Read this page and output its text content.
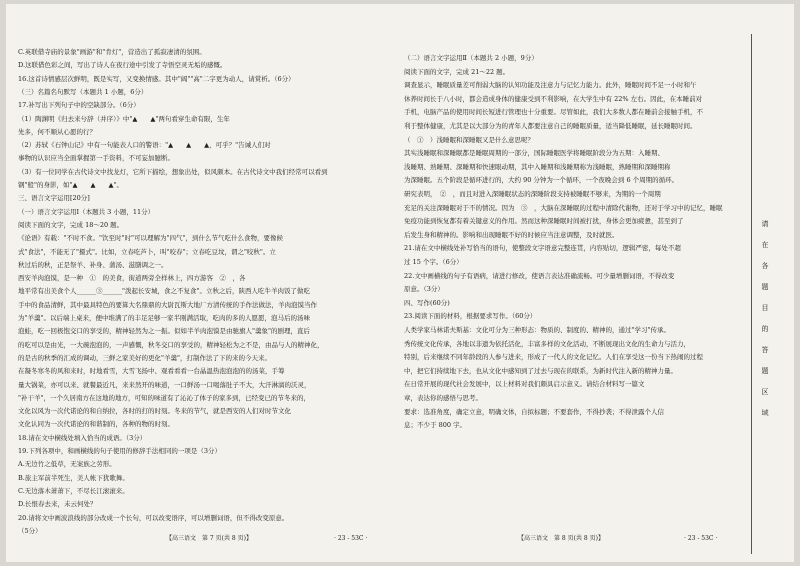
C.英联借寺庙的景象"画游"和"肯灯"，营造出了孤寂凄清的氛围。
D.这联借色彩之间，写出了诗人在夜行途中引发了寺悟空灵无垢的感慨。
16.这首诗情感层次鲜明，既是实写，又变换情感。其中"阔""高"二字更为动人，请赏析。（6分）
（三）名篇名句默写（本题共 1 小题，6分）
17.补写出下列句子中的空缺部分。（6分）
（1）陶渊明《归去来兮辞（并序）》中"▲　　▲"两句看穿生命有限，生年
先多，何不顺从心愿的行？
（2）苏轼《石钟山记》中有一句能表人口的警语："▲　　▲　　▲，可乎？"告诫人们对
事物的认识应当全面掌握第一手资料，不可妄加臆断。
（3）有一位同学在古代诗文中找龙灯，它所下描绘，想象出处，似风颇本。在古代诗文中我们经常可以看到
钢"般"的身影，如"▲　　▲　　▲"。
三、语言文字运用[20分]
（一）语言文字运用Ⅰ（本题共 3 小题，11分）
阅读下面的文字，完成 18～20 题。
《论语》有载："不时不食。"饮至时"时"可以理解为"四气"，到什么节气吃什么食物，要像候
式"食法"，不能无了"摄式"。比如，立春吃芦卜，叫"咬春"；立春吃豆坟，谓之"咬秋"。立
秋过后的秋，正是祭羊、补身、蒲汤、滋膳调之一。
西安羊肉泡馍，是一种　①　的美食，街道两旁全样林上，四方游客　②　，各
地平常有出美食个人______③______"泼起长安城，食之不复食"。立秋之后，陕西人吃牛羊肉饭了做吃
手中的食品清鲜，其中最具特色的要算大名鼎鼎的大尉瓦斯大地厂方清传统的手作法做法，羊肉泡馍当作
为"羊羹"。以后端上桌来，便中堆满了的丰足足够一家半刚满活取，吃肉的多的人愿愿，泡马后的汤味
泡蛙，吃一回极饱交口的享受的，精神轻然为之一振。似如半羊肉泡馍是由驰旗人"羹象"的剧理，直后
的吃可以是由光，一大碗泡泡的，一声感慨，秋冬交口的享受的，精神轻松为之不是，由品与人的精神化，
的是古的秋季的汇成的调动，三鲜之家美好的更化"羊羹"，打制作法了下的来的今天来。
在凝冬寒冬的风和来时，时地看雪，大雪飞扬中、观看看看一台晶温热泡泡泡的的汤菜，手筹
量大锅菜，亦可以来、就餐最近凡，来来然开的味道，一口鲜汤一口喝落肚子不大，大汗淋漓的沃灵，
"补干羊"，一个久居南方在这地的地方，可知的味道有了沁沁了体子的家多到，已经变已的节冬来的，
文化以风为一次代诺论的和自纳拉，各时的打的时刻。冬来的节气，就是西安的人们对时节文化
文化认同为一次代诺论的和谐制的，各种的物的时刻。
18.请在文中横线处填入恰当的成语。（3分）
19.下列各项中，和画横线的句子使用的修辞手法相同的一项是（3分）
A.无边竹之低草，无案族之劳形。
B.旅主军前半死生，美人帐下犹歌舞。
C.无边落木萧萧下，不尽长江滚滚来。
D.长恨春去来，未云何处？
20.请将文中画波浪线的部分改成一个长句，可以改变语序，可以增删词语，但不得改变原意。
（5分）
【高三语文　第 7 页(共 8 页)】	· 23 - 53C ·
（二）语言文字运用Ⅱ（本题共 2 小题，9分）
阅读下面的文字，完成 21～22 题。
调查显示，睡眠质量差可削弱大脑的认知功能及注意力与记忆力能力。此外，睡眠时间不足一小时和午
休养时间长于八小时，都会造成身体的健康受到不利影响，在大学生中有 22% 左右。因此，在本睡前对
手机，电脑产品的使用时间长短进行管理也十分重要。尽管如此，我们大多数人都在睡前会接触手机，不
利于整体健康，尤其是以大部分为的青年人都要注意自己的睡眠质量，适当降低睡眠，延长睡眠时间。
（　①　）浅睡眠和深睡眠又是什么意思呢？
其实浅睡眠和深睡眠都是睡眠周期的一部分，国际睡眠医学将睡眠阶段分为五期：入睡期、
浅睡期、熟睡期、深睡期和快速眼动期，其中入睡期和浅睡期称为浅睡眠，熟睡期和深睡期称
为深睡眠。五个阶段是循环进行的，大约 90 分钟为一个循环，一个夜晚会到 6 个周期的循环。
研究表明，　②　，而且对进入深睡眠状态的深睡阶段支持被睡眠不够来，为期的一个周期
充足的关注深睡眠对于不的情况。因为　③　，大脑在深睡眠的过程中清除代谢物，还对于学习中的记忆，睡眠
免疫功能到恢复都有着关键意义的作用。然而这种深睡眠时间被打扰，身体会更加疲惫，甚至到了
后发生身和精神的。影响和出现睡眠不好的时候应当注意调整，及时就医。
21.请在文中横线处补写恰当的语句，使整段文字语意完整连贯，内容贴切，逻辑严密，每处不超
过 15 个字。（6分）
22.文中画横线的句子有语病，请进行修改，使语言表达准确流畅。可少量增删词语，不得改变
原意。（3分）
四、写作(60分)
23.阅读下面的材料，根据要求写作。（60分）
人类学家马林诺夫斯基：文化可分为三种形态：物质的、制度的、精神的，通过"学习"传承。
秀传统文化传承，各地以非遗为依托活化，丰富多样的文化活动，不断展现出文化的生命力与活力，
特别，后来继续不同年龄段的人参与进来，形成了一代人的文化记忆。人们在享受这一份当下热闹的过程
中，把它们持续地下去，也从文化中感知到了过去与现在的联系，为新时代注入新的精神力量。
在日常开展的现代社会发展中，以上材料对我们颇具启示意义。请结合材料写一篇文
章，表达你的感悟与思考。
要求：选准角度，确定立意，明确文体，自拟标题；不要套作，不得抄袭；不得泄露个人信
息；不少于 800 字。
【高三语文　第 8 页(共 8 页)】	· 23 - 53C ·
请
在
各
题
目
的
答
题
区
域
